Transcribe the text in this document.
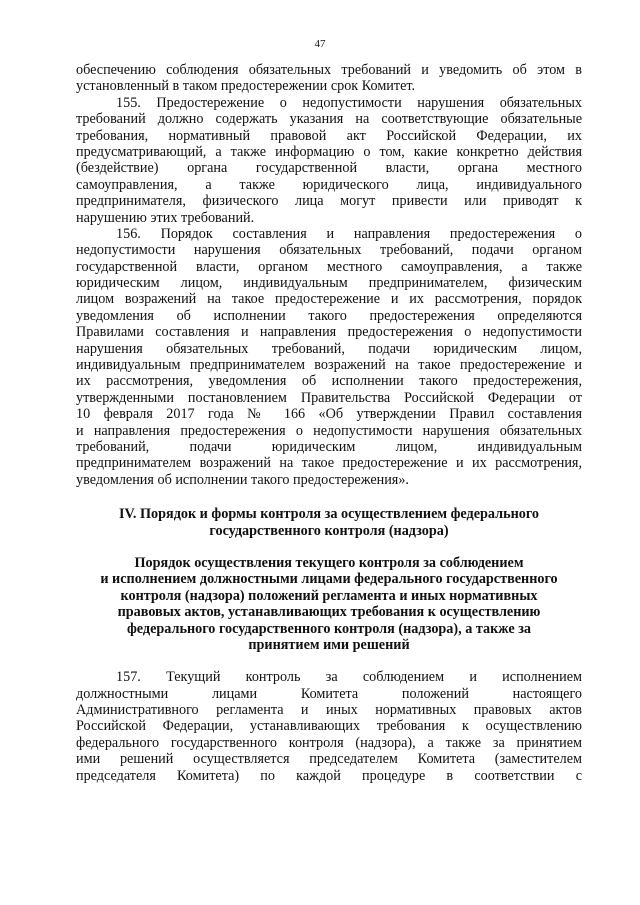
47
обеспечению соблюдения обязательных требований и уведомить об этом в
установленный в таком предостережении срок Комитет.
155. Предостережение о недопустимости нарушения обязательных
требований должно содержать указания на соответствующие обязательные
требования, нормативный правовой акт Российской Федерации, их
предусматривающий, а также информацию о том, какие конкретно действия
(бездействие) органа государственной власти, органа местного
самоуправления, а также юридического лица, индивидуального
предпринимателя, физического лица могут привести или приводят к
нарушению этих требований.
156. Порядок составления и направления предостережения о
недопустимости нарушения обязательных требований, подачи органом
государственной власти, органом местного самоуправления, а также
юридическим лицом, индивидуальным предпринимателем, физическим
лицом возражений на такое предостережение и их рассмотрения, порядок
уведомления об исполнении такого предостережения определяются
Правилами составления и направления предостережения о недопустимости
нарушения обязательных требований, подачи юридическим лицом,
индивидуальным предпринимателем возражений на такое предостережение и
их рассмотрения, уведомления об исполнении такого предостережения,
утвержденными постановлением Правительства Российской Федерации от
10 февраля 2017 года № 166 «Об утверждении Правил составления
и направления предостережения о недопустимости нарушения обязательных
требований, подачи юридическим лицом, индивидуальным
предпринимателем возражений на такое предостережение и их рассмотрения,
уведомления об исполнении такого предостережения».
IV. Порядок и формы контроля за осуществлением федерального
государственного контроля (надзора)
Порядок осуществления текущего контроля за соблюдением
и исполнением должностными лицами федерального государственного
контроля (надзора) положений регламента и иных нормативных
правовых актов, устанавливающих требования к осуществлению
федерального государственного контроля (надзора), а также за
принятием ими решений
157. Текущий контроль за соблюдением и исполнением
должностными лицами Комитета положений настоящего
Административного регламента и иных нормативных правовых актов
Российской Федерации, устанавливающих требования к осуществлению
федерального государственного контроля (надзора), а также за принятием
ими решений осуществляется председателем Комитета (заместителем
председателя Комитета) по каждой процедуре в соответствии с
